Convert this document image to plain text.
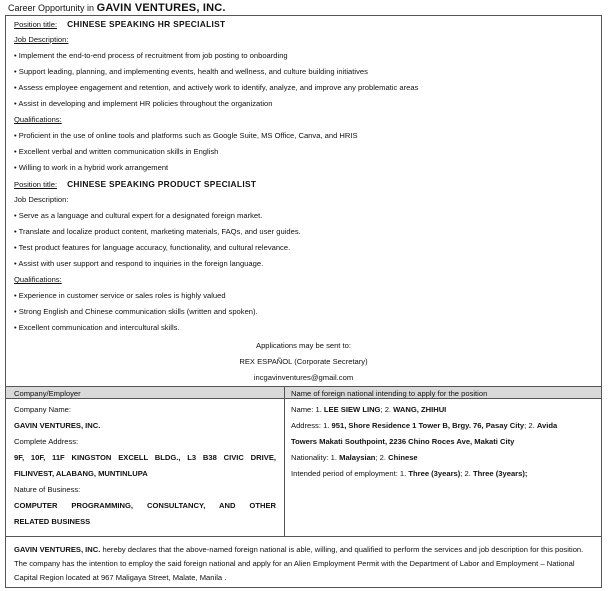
Career Opportunity in GAVIN VENTURES, INC.
Position title: CHINESE SPEAKING HR SPECIALIST
Job Description:
• Implement the end-to-end process of recruitment from job posting to onboarding
• Support leading, planning, and implementing events, health and wellness, and culture building initiatives
• Assess employee engagement and retention, and actively work to identify, analyze, and improve any problematic areas
• Assist in developing and implement HR policies throughout the organization
Qualifications:
• Proficient in the use of online tools and platforms such as Google Suite, MS Office, Canva, and HRIS
• Excellent verbal and written communication skills in English
• Willing to work in a hybrid work arrangement
Position title: CHINESE SPEAKING PRODUCT SPECIALIST
Job Description:
• Serve as a language and cultural expert for a designated foreign market.
• Translate and localize product content, marketing materials, FAQs, and user guides.
• Test product features for language accuracy, functionality, and cultural relevance.
• Assist with user support and respond to inquiries in the foreign language.
Qualifications:
• Experience in customer service or sales roles is highly valued
• Strong English and Chinese communication skills (written and spoken).
• Excellent communication and intercultural skills.
Applications may be sent to:
REX ESPAÑOL (Corporate Secretary)
incgavinventures@gmail.com
Company/Employer	Name of foreign national intending to apply for the position
Company Name:
GAVIN VENTURES, INC.
Complete Address:
9F, 10F, 11F KINGSTON EXCELL BLDG., L3 B38 CIVIC DRIVE,
FILINVEST, ALABANG, MUNTINLUPA
Nature of Business:
COMPUTER PROGRAMMING, CONSULTANCY, AND OTHER
RELATED BUSINESS
Name: 1. LEE SIEW LING; 2. WANG, ZHIHUI
Address: 1. 951, Shore Residence 1 Tower B, Brgy. 76, Pasay City; 2. Avida
Towers Makati Southpoint, 2236 Chino Roces Ave, Makati City
Nationality: 1. Malaysian; 2. Chinese
Intended period of employment: 1. Three (3years); 2. Three (3years);
GAVIN VENTURES, INC. hereby declares that the above-named foreign national is able, willing, and qualified to perform the services and job description for this position. The company has the intention to employ the said foreign national and apply for an Alien Employment Permit with the Department of Labor and Employment – National Capital Region located at 967 Maligaya Street, Malate, Manila .
